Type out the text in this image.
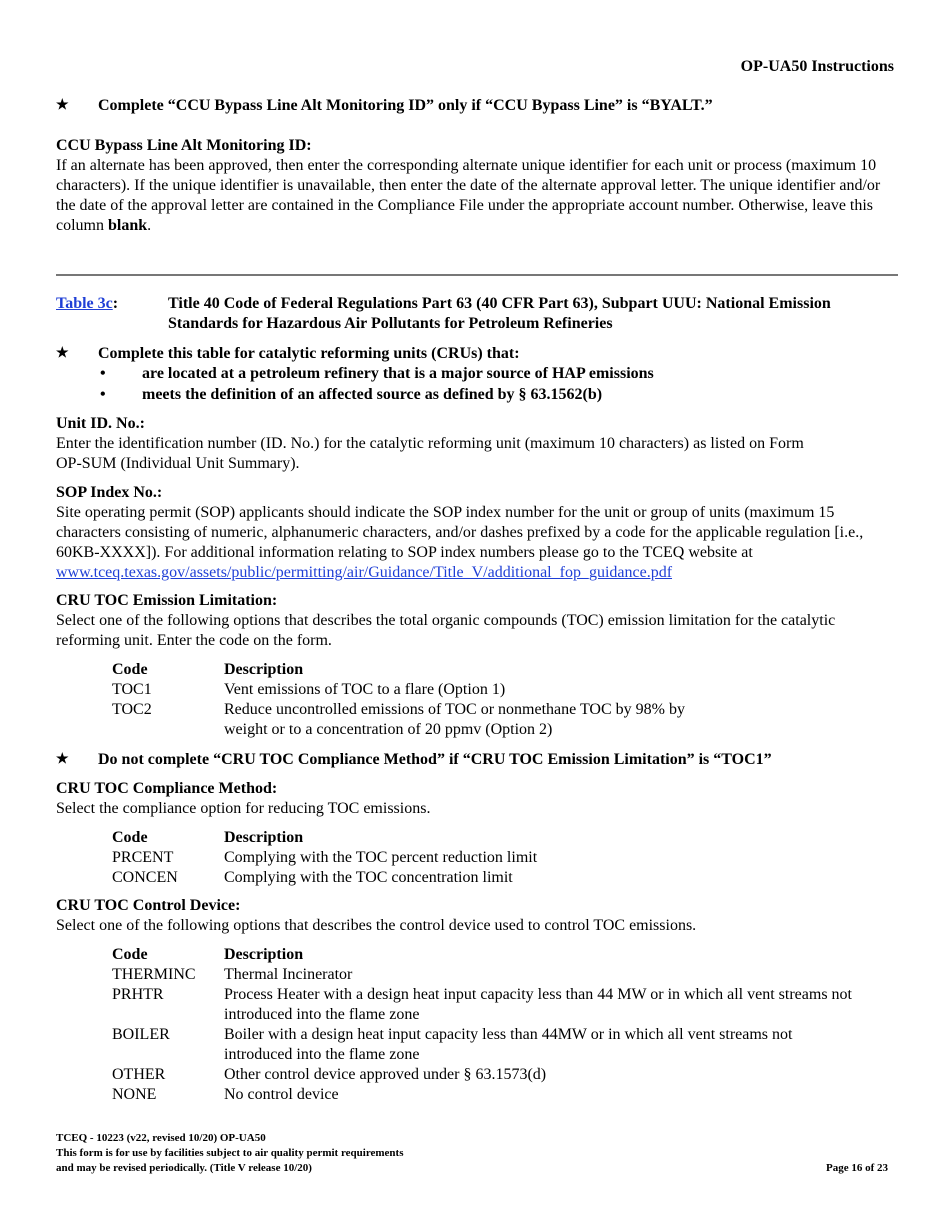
OP-UA50 Instructions
★ Complete “CCU Bypass Line Alt Monitoring ID” only if “CCU Bypass Line” is “BYALT.”
CCU Bypass Line Alt Monitoring ID:
If an alternate has been approved, then enter the corresponding alternate unique identifier for each unit or process (maximum 10 characters). If the unique identifier is unavailable, then enter the date of the alternate approval letter. The unique identifier and/or the date of the approval letter are contained in the Compliance File under the appropriate account number. Otherwise, leave this column blank.
Table 3c:	Title 40 Code of Federal Regulations Part 63 (40 CFR Part 63), Subpart UUU: National Emission Standards for Hazardous Air Pollutants for Petroleum Refineries
★ Complete this table for catalytic reforming units (CRUs) that:
• are located at a petroleum refinery that is a major source of HAP emissions
• meets the definition of an affected source as defined by § 63.1562(b)
Unit ID. No.:
Enter the identification number (ID. No.) for the catalytic reforming unit (maximum 10 characters) as listed on Form OP-SUM (Individual Unit Summary).
SOP Index No.:
Site operating permit (SOP) applicants should indicate the SOP index number for the unit or group of units (maximum 15 characters consisting of numeric, alphanumeric characters, and/or dashes prefixed by a code for the applicable regulation [i.e., 60KB-XXXX]). For additional information relating to SOP index numbers please go to the TCEQ website at www.tceq.texas.gov/assets/public/permitting/air/Guidance/Title_V/additional_fop_guidance.pdf
CRU TOC Emission Limitation:
Select one of the following options that describes the total organic compounds (TOC) emission limitation for the catalytic reforming unit. Enter the code on the form.
Code	Description
TOC1	Vent emissions of TOC to a flare (Option 1)
TOC2	Reduce uncontrolled emissions of TOC or nonmethane TOC by 98% by weight or to a concentration of 20 ppmv (Option 2)
★ Do not complete “CRU TOC Compliance Method” if “CRU TOC Emission Limitation” is “TOC1”
CRU TOC Compliance Method:
Select the compliance option for reducing TOC emissions.
Code	Description
PRCENT	Complying with the TOC percent reduction limit
CONCEN	Complying with the TOC concentration limit
CRU TOC Control Device:
Select one of the following options that describes the control device used to control TOC emissions.
Code	Description
THERMINC	Thermal Incinerator
PRHTR	Process Heater with a design heat input capacity less than 44 MW or in which all vent streams not introduced into the flame zone
BOILER	Boiler with a design heat input capacity less than 44MW or in which all vent streams not introduced into the flame zone
OTHER	Other control device approved under § 63.1573(d)
NONE	No control device
TCEQ - 10223 (v22, revised 10/20) OP-UA50
This form is for use by facilities subject to air quality permit requirements
and may be revised periodically. (Title V release 10/20)	Page 16 of 23
